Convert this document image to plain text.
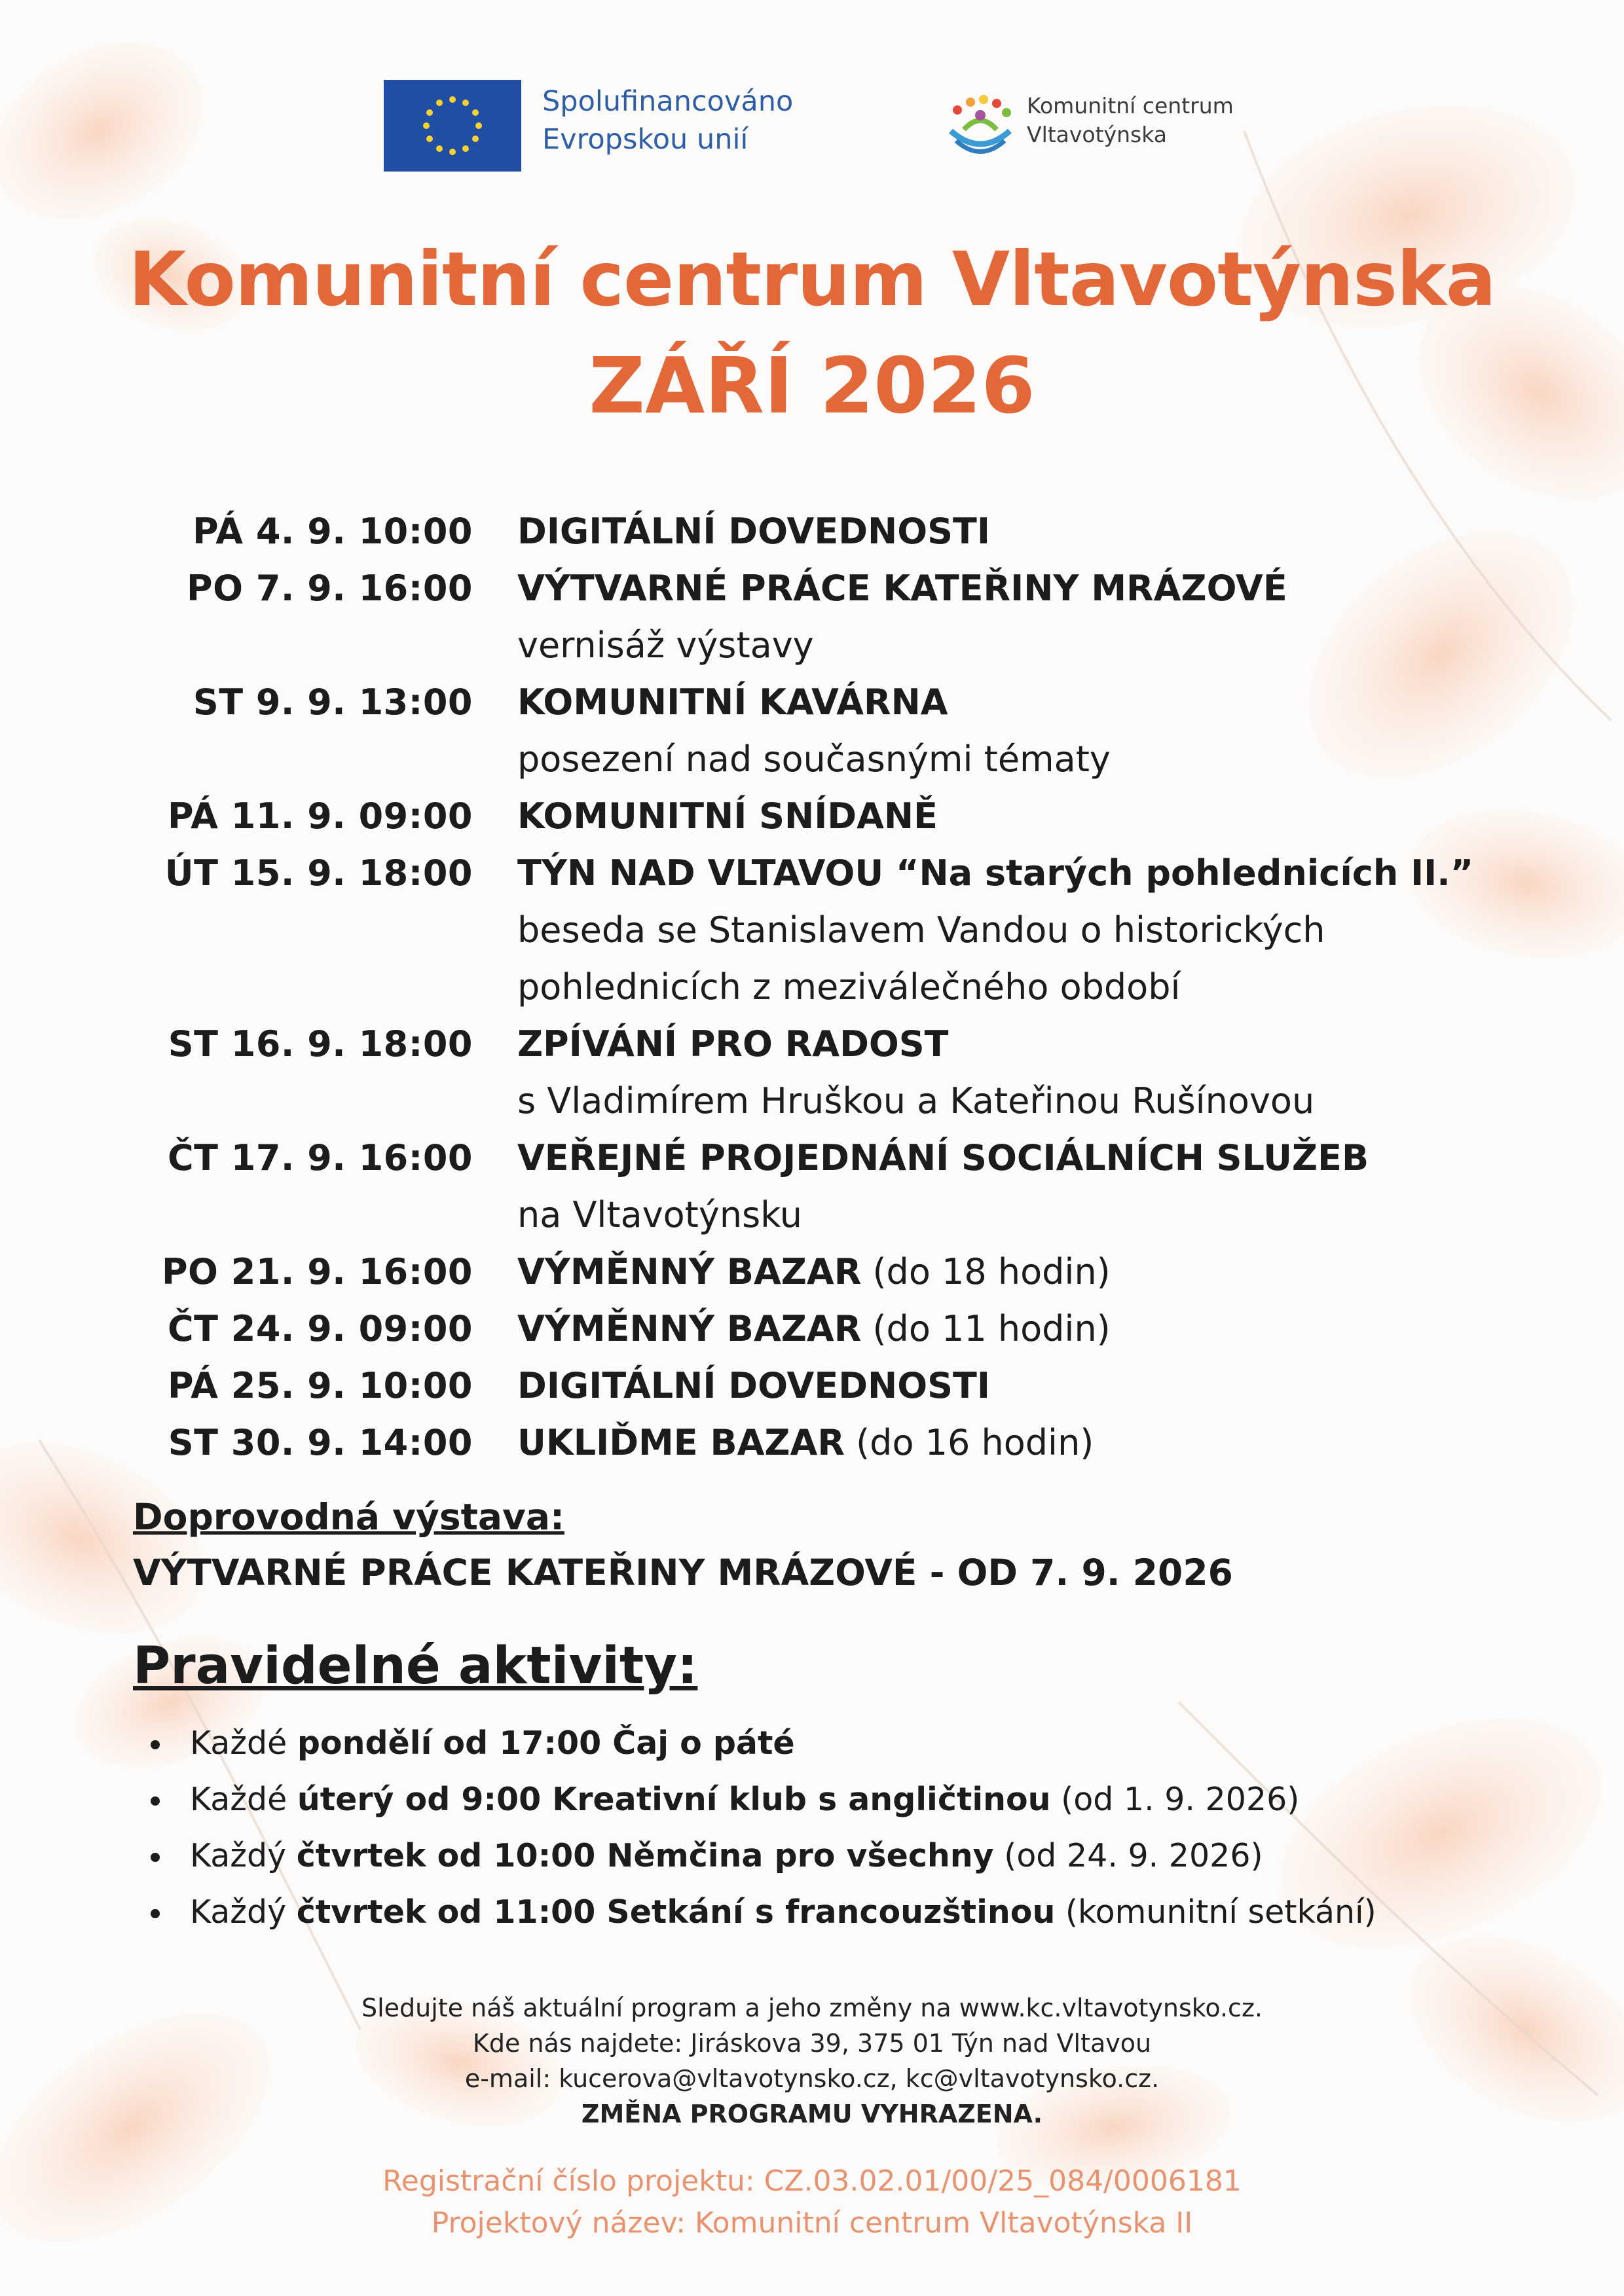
Spolufinancováno
Evropskou unií
Komunitní centrum
Vltavotýnska
Komunitní centrum Vltavotýnska
ZÁŘÍ 2026
PÁ 4. 9. 10:00 DIGITÁLNÍ DOVEDNOSTI
PO 7. 9. 16:00 VÝTVARNÉ PRÁCE KATEŘINY MRÁZOVÉ
vernisáž výstavy
ST 9. 9. 13:00 KOMUNITNÍ KAVÁRNA
posezení nad současnými tématy
PÁ 11. 9. 09:00 KOMUNITNÍ SNÍDANĚ
ÚT 15. 9. 18:00 TÝN NAD VLTAVOU “Na starých pohlednicích II.”
beseda se Stanislavem Vandou o historických
pohlednicích z meziválečného období
ST 16. 9. 18:00 ZPÍVÁNÍ PRO RADOST
s Vladimírem Hruškou a Kateřinou Rušínovou
ČT 17. 9. 16:00 VEŘEJNÉ PROJEDNÁNÍ SOCIÁLNÍCH SLUŽEB
na Vltavotýnsku
PO 21. 9. 16:00 VÝMĚNNÝ BAZAR (do 18 hodin)
ČT 24. 9. 09:00 VÝMĚNNÝ BAZAR (do 11 hodin)
PÁ 25. 9. 10:00 DIGITÁLNÍ DOVEDNOSTI
ST 30. 9. 14:00 UKLIĎME BAZAR (do 16 hodin)
Doprovodná výstava:
VÝTVARNÉ PRÁCE KATEŘINY MRÁZOVÉ - OD 7. 9. 2026
Pravidelné aktivity:
Každé pondělí od 17:00 Čaj o páté
Každé úterý od 9:00 Kreativní klub s angličtinou (od 1. 9. 2026)
Každý čtvrtek od 10:00 Němčina pro všechny (od 24. 9. 2026)
Každý čtvrtek od 11:00 Setkání s francouzštinou (komunitní setkání)
Sledujte náš aktuální program a jeho změny na www.kc.vltavotynsko.cz.
Kde nás najdete: Jiráskova 39, 375 01 Týn nad Vltavou
e-mail: kucerova@vltavotynsko.cz, kc@vltavotynsko.cz.
ZMĚNA PROGRAMU VYHRAZENA.
Registrační číslo projektu: CZ.03.02.01/00/25_084/0006181
Projektový název: Komunitní centrum Vltavotýnska II
